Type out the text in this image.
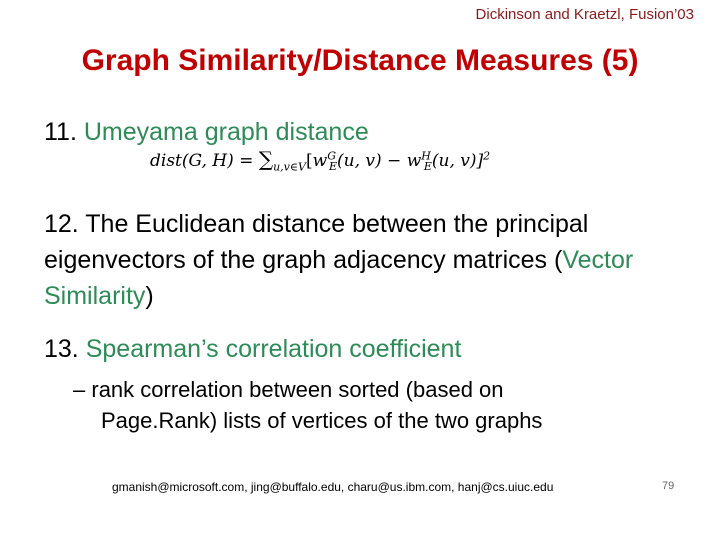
Dickinson and Kraetzl, Fusion’03
Graph Similarity/Distance Measures (5)
11. Umeyama graph distance
dist(G, $H) = \sum_{u,v\in V}[w^G_E(u$, $v) - w^H_E(u$, v)]$^2$
12. The Euclidean distance between the principal eigenvectors of the graph adjacency matrices (Vector Similarity)
13. Spearman’s correlation coefficient
– rank correlation between sorted (based on
Page.Rank) lists of vertices of the two graphs
gmanish@microsoft.com, jing@buffalo.edu, charu@us.ibm.com, hanj@cs.uiuc.edu	79
